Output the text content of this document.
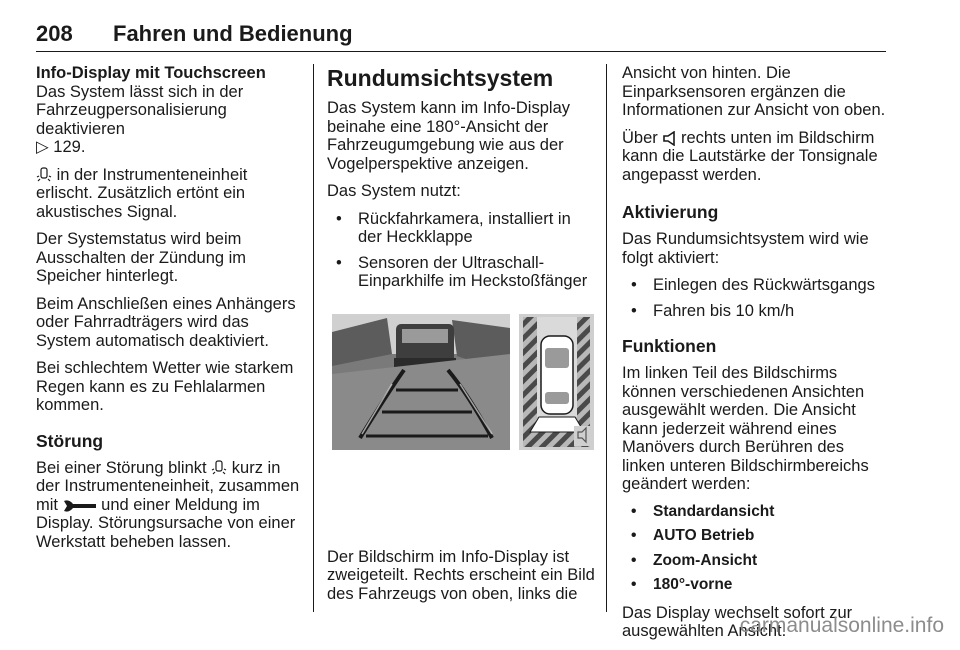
208 Fahren und Bedienung

Info-Display mit Touchscreen

Das System lässt sich in der Fahrzeugpersonalisierung deaktivieren
▷ 129.

in der Instrumenteneinheit erlischt. Zusätzlich ertönt ein akustisches Signal.

Der Systemstatus wird beim Ausschalten der Zündung im Speicher hinterlegt.

Beim Anschließen eines Anhängers oder Fahrradträgers wird das System automatisch deaktiviert.

Bei schlechtem Wetter wie starkem Regen kann es zu Fehlalarmen kommen.

Störung

Bei einer Störung blinkt  kurz in der Instrumenteneinheit, zusammen mit  und einer Meldung im Display. Störungsursache von einer Werkstatt beheben lassen.

Rundumsichtsystem

Das System kann im Info-Display beinahe eine 180°-Ansicht der Fahrzeugumgebung wie aus der Vogelperspektive anzeigen.

Das System nutzt:

• Rückfahrkamera, installiert in der Heckklappe
• Sensoren der Ultraschall-Einparkhilfe im Heckstoßfänger

Der Bildschirm im Info-Display ist zweigeteilt. Rechts erscheint ein Bild des Fahrzeugs von oben, links die

Ansicht von hinten. Die Einparksensoren ergänzen die Informationen zur Ansicht von oben.

Über  rechts unten im Bildschirm kann die Lautstärke der Tonsignale angepasst werden.

Aktivierung

Das Rundumsichtsystem wird wie folgt aktiviert:

• Einlegen des Rückwärtsgangs
• Fahren bis 10 km/h
Funktionen

Im linken Teil des Bildschirms können verschiedenen Ansichten ausgewählt werden. Die Ansicht kann jederzeit während eines Manövers durch Berühren des linken unteren Bildschirmbereichs geändert werden:

• Standardansicht
• AUTO Betrieb
• Zoom-Ansicht
• 180°-vorne

Das Display wechselt sofort zur ausgewählten Ansicht.

carmanualsonline.info
